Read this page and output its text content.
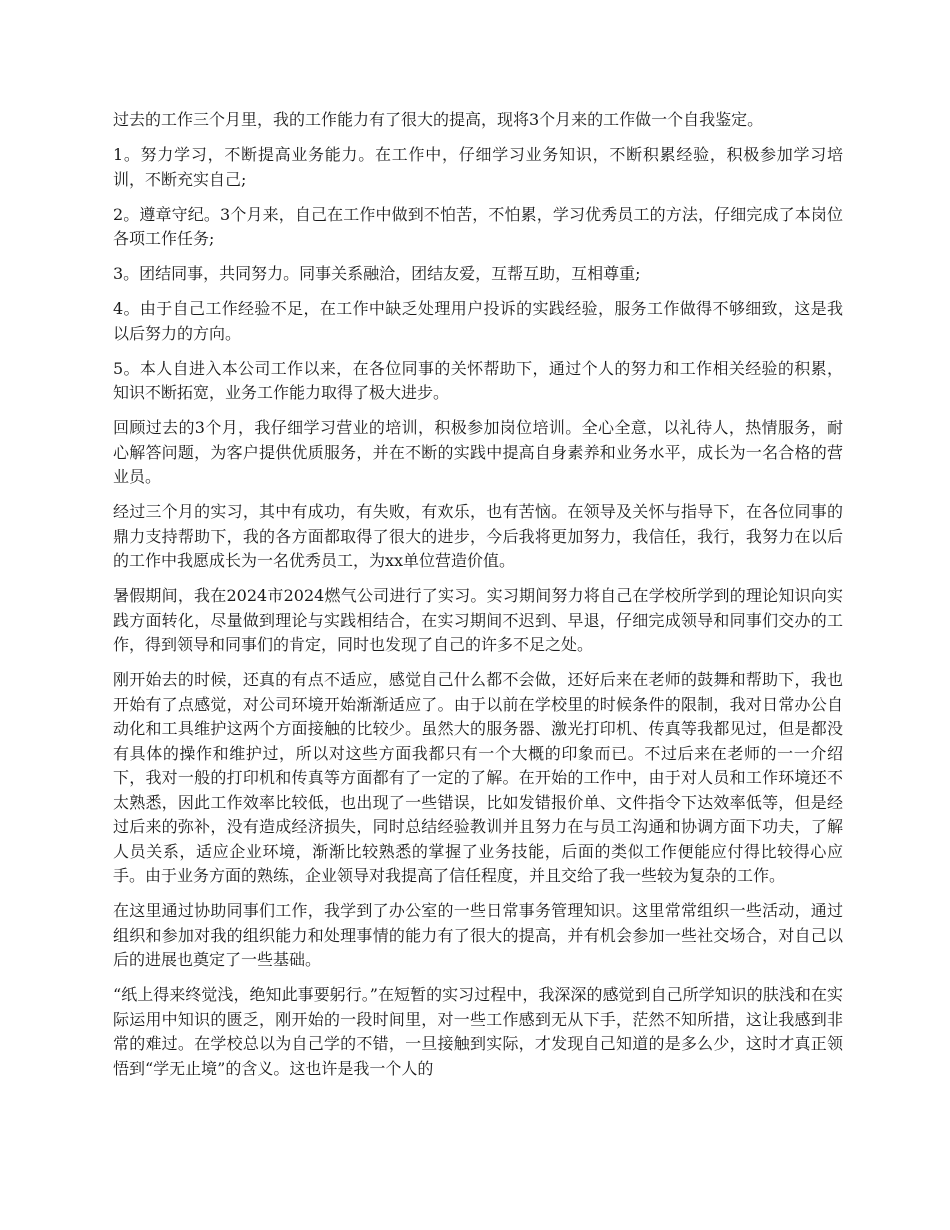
过去的工作三个月里，我的工作能力有了很大的提高，现将3个月来的工作做一个自我鉴定。

1。努力学习，不断提高业务能力。在工作中，仔细学习业务知识，不断积累经验，积极参加学习培训，不断充实自己;

2。遵章守纪。3个月来，自己在工作中做到不怕苦，不怕累，学习优秀员工的方法，仔细完成了本岗位各项工作任务;

3。团结同事，共同努力。同事关系融洽，团结友爱，互帮互助，互相尊重;

4。由于自己工作经验不足，在工作中缺乏处理用户投诉的实践经验，服务工作做得不够细致，这是我以后努力的方向。

5。本人自进入本公司工作以来，在各位同事的关怀帮助下，通过个人的努力和工作相关经验的积累，知识不断拓宽，业务工作能力取得了极大进步。

回顾过去的3个月，我仔细学习营业的培训，积极参加岗位培训。全心全意，以礼待人，热情服务，耐心解答问题，为客户提供优质服务，并在不断的实践中提高自身素养和业务水平，成长为一名合格的营业员。

经过三个月的实习，其中有成功，有失败，有欢乐，也有苦恼。在领导及关怀与指导下，在各位同事的鼎力支持帮助下，我的各方面都取得了很大的进步，今后我将更加努力，我信任，我行，我努力在以后的工作中我愿成长为一名优秀员工，为xx单位营造价值。

暑假期间，我在2024市2024燃气公司进行了实习。实习期间努力将自己在学校所学到的理论知识向实践方面转化，尽量做到理论与实践相结合，在实习期间不迟到、早退，仔细完成领导和同事们交办的工作，得到领导和同事们的肯定，同时也发现了自己的许多不足之处。

刚开始去的时候，还真的有点不适应，感觉自己什么都不会做，还好后来在老师的鼓舞和帮助下，我也开始有了点感觉，对公司环境开始渐渐适应了。由于以前在学校里的时候条件的限制，我对日常办公自动化和工具维护这两个方面接触的比较少。虽然大的服务器、激光打印机、传真等我都见过，但是都没有具体的操作和维护过，所以对这些方面我都只有一个大概的印象而已。不过后来在老师的一一介绍下，我对一般的打印机和传真等方面都有了一定的了解。在开始的工作中，由于对人员和工作环境还不太熟悉，因此工作效率比较低，也出现了一些错误，比如发错报价单、文件指令下达效率低等，但是经过后来的弥补，没有造成经济损失，同时总结经验教训并且努力在与员工沟通和协调方面下功夫，了解人员关系，适应企业环境，渐渐比较熟悉的掌握了业务技能，后面的类似工作便能应付得比较得心应手。由于业务方面的熟练，企业领导对我提高了信任程度，并且交给了我一些较为复杂的工作。

在这里通过协助同事们工作，我学到了办公室的一些日常事务管理知识。这里常常组织一些活动，通过组织和参加对我的组织能力和处理事情的能力有了很大的提高，并有机会参加一些社交场合，对自己以后的进展也奠定了一些基础。

“纸上得来终觉浅，绝知此事要躬行。”在短暂的实习过程中，我深深的感觉到自己所学知识的肤浅和在实际运用中知识的匮乏，刚开始的一段时间里，对一些工作感到无从下手，茫然不知所措，这让我感到非常的难过。在学校总以为自己学的不错，一旦接触到实际，才发现自己知道的是多么少，这时才真正领悟到“学无止境”的含义。这也许是我一个人的
